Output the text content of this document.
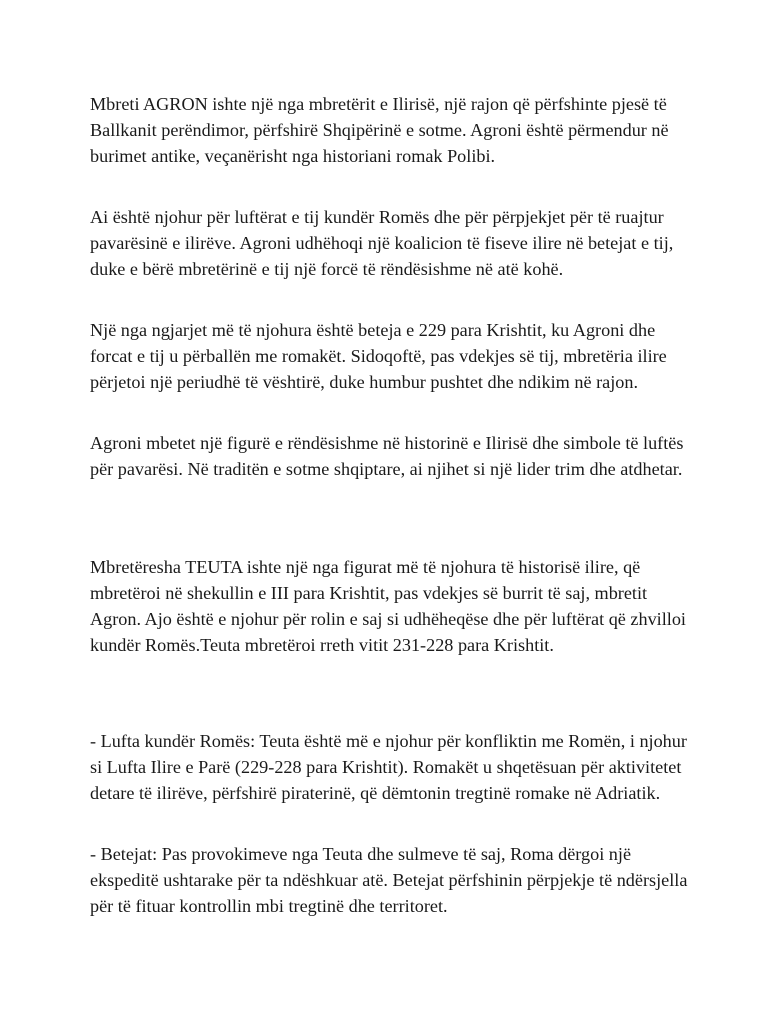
Mbreti AGRON ishte një nga mbretërit e Ilirisë, një rajon që përfshinte pjesë të Ballkanit perëndimor, përfshirë Shqipërinë e sotme. Agroni është përmendur në burimet antike, veçanërisht nga historiani romak Polibi.

Ai është njohur për luftërat e tij kundër Romës dhe për përpjekjet për të ruajtur pavarësinë e ilirëve. Agroni udhëhoqi një koalicion të fiseve ilire në betejat e tij, duke e bërë mbretërinë e tij një forcë të rëndësishme në atë kohë.

Një nga ngjarjet më të njohura është beteja e 229 para Krishtit, ku Agroni dhe forcat e tij u përballën me romakët. Sidoqoftë, pas vdekjes së tij, mbretëria ilire përjetoi një periudhë të vështirë, duke humbur pushtet dhe ndikim në rajon.

Agroni mbetet një figurë e rëndësishme në historinë e Ilirisë dhe simbole të luftës për pavarësi. Në traditën e sotme shqiptare, ai njihet si një lider trim dhe atdhetar.

Mbretëresha TEUTA ishte një nga figurat më të njohura të historisë ilire, që mbretëroi në shekullin e III para Krishtit, pas vdekjes së burrit të saj, mbretit Agron. Ajo është e njohur për rolin e saj si udhëheqëse dhe për luftërat që zhvilloi kundër Romës.Teuta mbretëroi rreth vitit 231-228 para Krishtit.

- Lufta kundër Romës: Teuta është më e njohur për konfliktin me Romën, i njohur si Lufta Ilire e Parë (229-228 para Krishtit). Romakët u shqetësuan për aktivitetet detare të ilirëve, përfshirë piraterinë, që dëmtonin tregtinë romake në Adriatik.

- Betejat: Pas provokimeve nga Teuta dhe sulmeve të saj, Roma dërgoi një ekspeditë ushtarake për ta ndëshkuar atë. Betejat përfshinin përpjekje të ndërsjella për të fituar kontrollin mbi tregtinë dhe territoret.
